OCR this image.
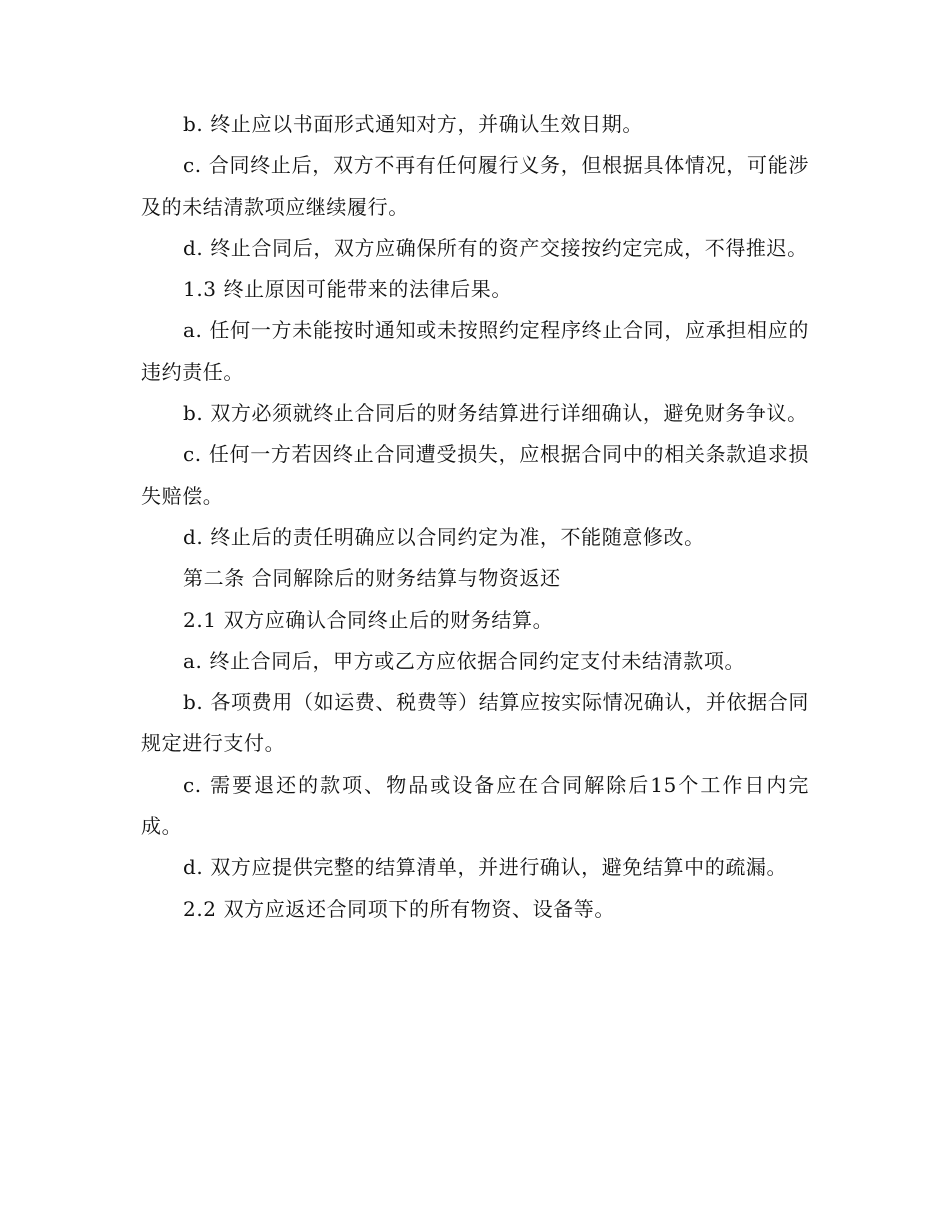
b. 终止应以书面形式通知对方，并确认生效日期。

c. 合同终止后，双方不再有任何履行义务，但根据具体情况，可能涉及的未结清款项应继续履行。

d. 终止合同后，双方应确保所有的资产交接按约定完成，不得推迟。

1.3 终止原因可能带来的法律后果。

a. 任何一方未能按时通知或未按照约定程序终止合同，应承担相应的违约责任。

b. 双方必须就终止合同后的财务结算进行详细确认，避免财务争议。

c. 任何一方若因终止合同遭受损失，应根据合同中的相关条款追求损失赔偿。

d. 终止后的责任明确应以合同约定为准，不能随意修改。

第二条 合同解除后的财务结算与物资返还

2.1 双方应确认合同终止后的财务结算。

a. 终止合同后，甲方或乙方应依据合同约定支付未结清款项。

b. 各项费用（如运费、税费等）结算应按实际情况确认，并依据合同规定进行支付。

c. 需要退还的款项、物品或设备应在合同解除后15个工作日内完成。

d. 双方应提供完整的结算清单，并进行确认，避免结算中的疏漏。

2.2 双方应返还合同项下的所有物资、设备等。
